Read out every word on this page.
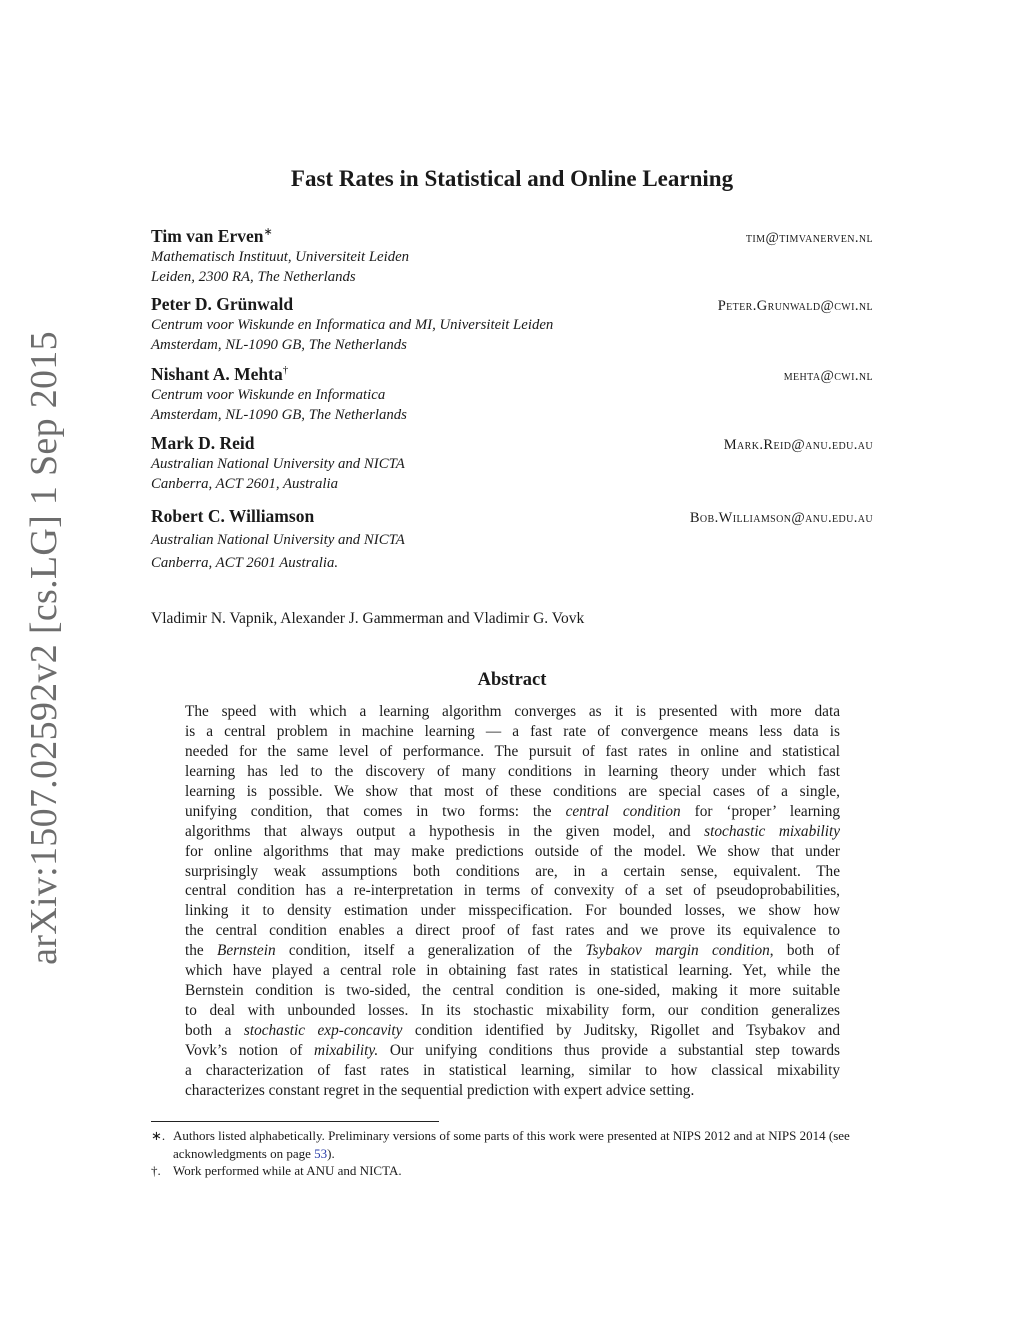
arXiv:1507.02592v2 [cs.LG] 1 Sep 2015
Fast Rates in Statistical and Online Learning
Tim van Erven∗	tim@timvanerven.nl
Mathematisch Instituut, Universiteit Leiden
Leiden, 2300 RA, The Netherlands
Peter D. Grünwald	Peter.Grunwald@cwi.nl
Centrum voor Wiskunde en Informatica and MI, Universiteit Leiden
Amsterdam, NL-1090 GB, The Netherlands
Nishant A. Mehta†	mehta@cwi.nl
Centrum voor Wiskunde en Informatica
Amsterdam, NL-1090 GB, The Netherlands
Mark D. Reid	Mark.Reid@anu.edu.au
Australian National University and NICTA
Canberra, ACT 2601, Australia
Robert C. Williamson	Bob.Williamson@anu.edu.au
Australian National University and NICTA
Canberra, ACT 2601 Australia.
Vladimir N. Vapnik, Alexander J. Gammerman and Vladimir G. Vovk
Abstract
The speed with which a learning algorithm converges as it is presented with more data
is a central problem in machine learning — a fast rate of convergence means less data is
needed for the same level of performance. The pursuit of fast rates in online and statistical
learning has led to the discovery of many conditions in learning theory under which fast
learning is possible. We show that most of these conditions are special cases of a single,
unifying condition, that comes in two forms: the central condition for ‘proper’ learning
algorithms that always output a hypothesis in the given model, and stochastic mixability
for online algorithms that may make predictions outside of the model. We show that under
surprisingly weak assumptions both conditions are, in a certain sense, equivalent. The
central condition has a re-interpretation in terms of convexity of a set of pseudoprobabilities,
linking it to density estimation under misspecification. For bounded losses, we show how
the central condition enables a direct proof of fast rates and we prove its equivalence to
the Bernstein condition, itself a generalization of the Tsybakov margin condition, both of
which have played a central role in obtaining fast rates in statistical learning. Yet, while the
Bernstein condition is two-sided, the central condition is one-sided, making it more suitable
to deal with unbounded losses. In its stochastic mixability form, our condition generalizes
both a stochastic exp-concavity condition identified by Juditsky, Rigollet and Tsybakov and
Vovk’s notion of mixability. Our unifying conditions thus provide a substantial step towards
a characterization of fast rates in statistical learning, similar to how classical mixability
characterizes constant regret in the sequential prediction with expert advice setting.
∗. Authors listed alphabetically. Preliminary versions of some parts of this work were presented at NIPS 2012 and at NIPS 2014 (see acknowledgments on page 53).
†. Work performed while at ANU and NICTA.
